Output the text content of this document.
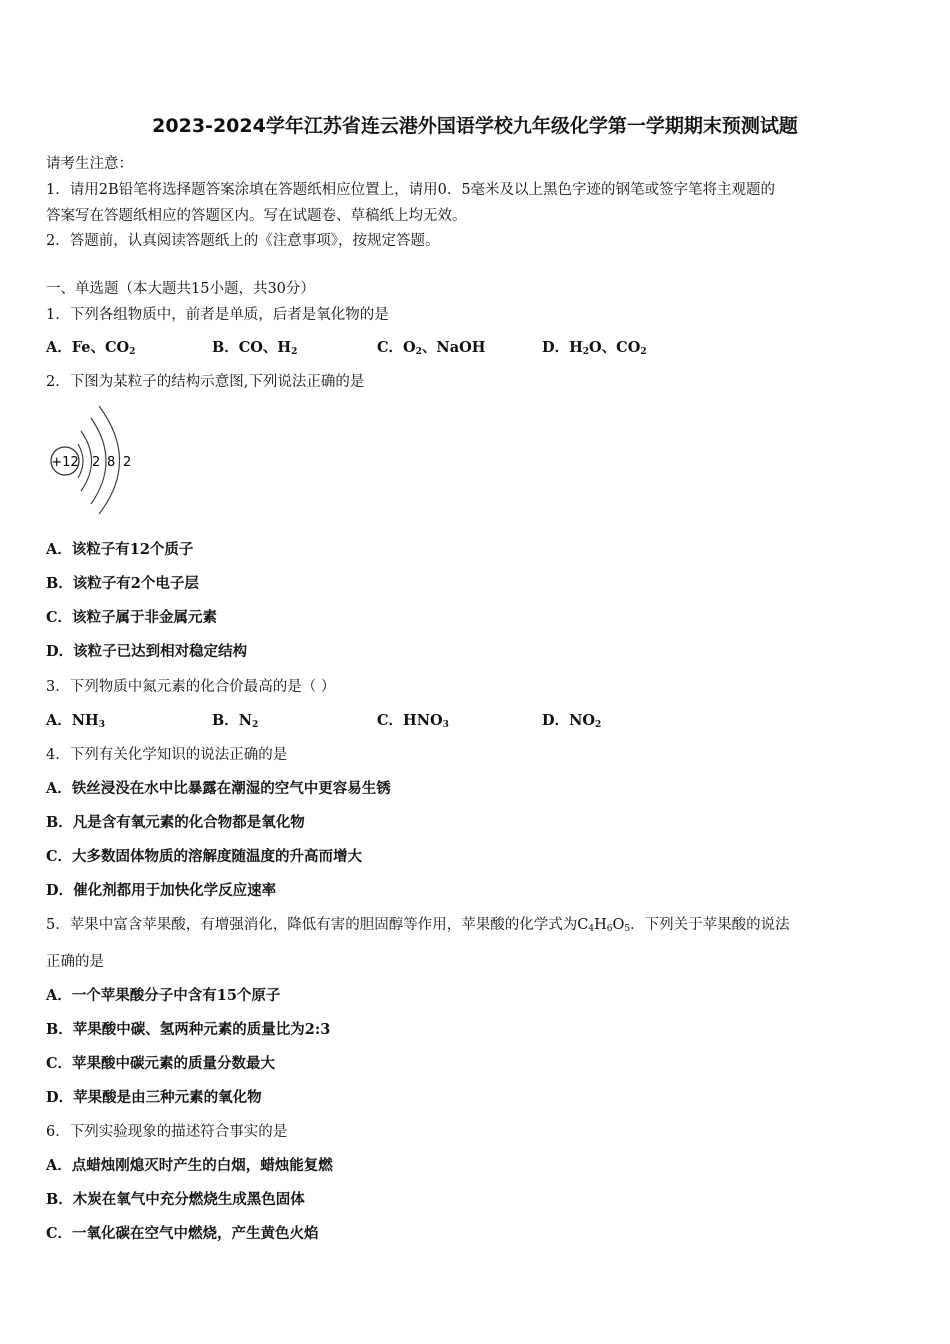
2023-2024学年江苏省连云港外国语学校九年级化学第一学期期末预测试题
请考生注意：
1．请用2B铅笔将选择题答案涂填在答题纸相应位置上，请用0．5毫米及以上黑色字迹的钢笔或签字笔将主观题的
答案写在答题纸相应的答题区内。写在试题卷、草稿纸上均无效。
2．答题前，认真阅读答题纸上的《注意事项》，按规定答题。
一、单选题（本大题共15小题，共30分）
1．下列各组物质中，前者是单质，后者是氧化物的是
A．Fe、$CO_2$	B．CO、$H_2$	C．$O_2$、NaOH	D．$H_2O$、$CO_2$
2．下图为某粒子的结构示意图,下列说法正确的是
+12 2 8 2
A．该粒子有12个质子
B．该粒子有2个电子层
C．该粒子属于非金属元素
D．该粒子已达到相对稳定结构
3．下列物质中氮元素的化合价最高的是（ ）
A．$NH_3$	B．$N_2$	C．$HNO_3$	D．$NO_2$
4．下列有关化学知识的说法正确的是
A．铁丝浸没在水中比暴露在潮湿的空气中更容易生锈
B．凡是含有氧元素的化合物都是氧化物
C．大多数固体物质的溶解度随温度的升高而增大
D．催化剂都用于加快化学反应速率
5．苹果中富含苹果酸，有增强消化，降低有害的胆固醇等作用，苹果酸的化学式为$C_4H_6O_5$．下列关于苹果酸的说法
正确的是
A．一个苹果酸分子中含有15个原子
B．苹果酸中碳、氢两种元素的质量比为2:3
C．苹果酸中碳元素的质量分数最大
D．苹果酸是由三种元素的氧化物
6．下列实验现象的描述符合事实的是
A．点蜡烛刚熄灭时产生的白烟，蜡烛能复燃
B．木炭在氧气中充分燃烧生成黑色固体
C．一氧化碳在空气中燃烧，产生黄色火焰
